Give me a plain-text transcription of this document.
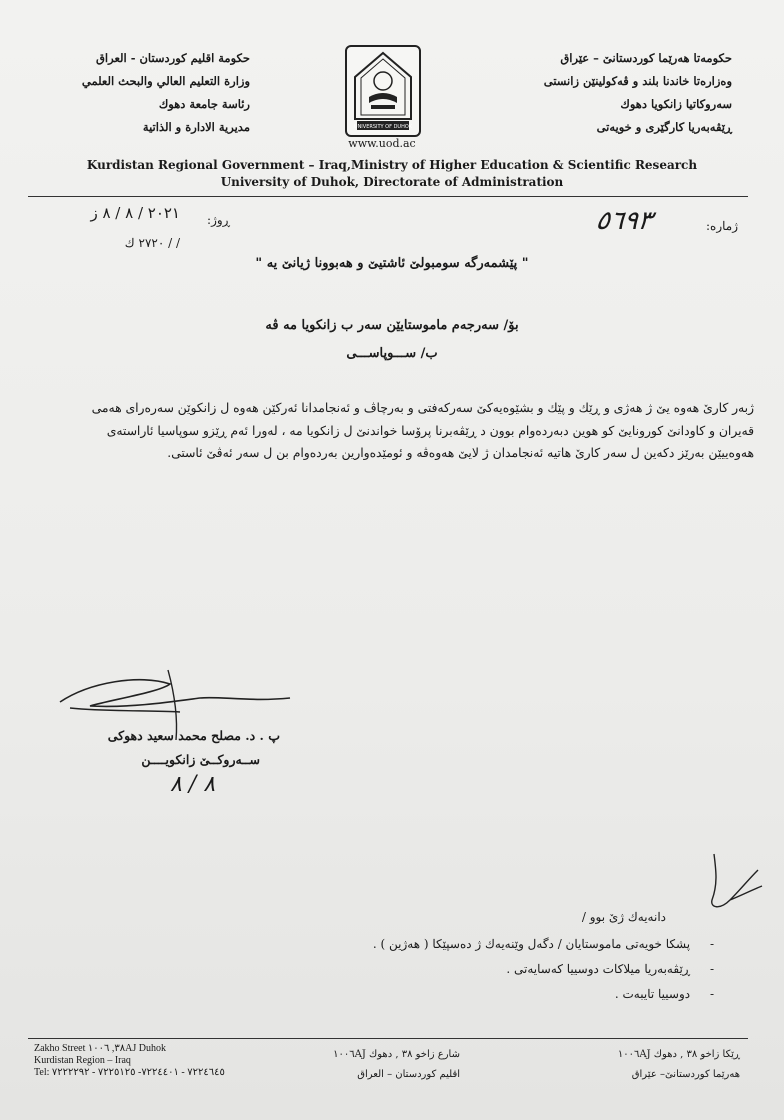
حكومەتا هەرێما كوردستانێ – عێراق
وەزارەتا خاندنا بلند و ڤەكولینێن زانستی
سەروكاتیا زانكویا دهوك
ڕێڤەبەریا كارگێری و خویەتی
حكومة اقليم كوردستان - العراق
وزارة التعليم العالي والبحث العلمي
رئاسة جامعة دهوك
مديرية الادارة و الذاتية	UNIVERSITY OF DUHOK
www.uod.ac
Kurdistan Regional Government – Iraq,Ministry of Higher Education & Scientific Research
University of Duhok, Directorate of Administration
ژمارە:
٥٦٩٣
ڕوژ:
٢٠٢١ / ٨ / ٨ ز
/ / ٢٧٢٠ ك
" پێشمەرگە سومبولێ ئاشتیێ و هەبوونا ژیانێ یە "
بۆ/ سەرجەم ماموستایێن سەر ب زانكویا مە ڤە
ب/ ســـوپاســـی
ژبەر كارێ هەوە یێ ژ هەژی و ڕێك و پێك و بشێوەیەكێ سەركەفتی و بەرچاڤ و ئەنجامدانا ئەركێن هەوە ل زانكوێن سەرەرای هەمی
قەیران و كاودانێ كورونایێ كو هوین دبەردەوام بوون د ڕێڤەبرنا پرۆسا خواندنێ ل زانكویا مە ، لەورا ئەم ڕێزو سوپاسیا ئاراستەی
هەوەییێن بەرێز دكەین ل سەر كارێ هاتیە ئەنجامدان ژ لایێ هەوەڤە و ئومێدەوارین بەردەوام بن ل سەر ئەڤێ ئاستی.
پ . د. مصلح محمد سعید دهوكی
ســەروكــێ زانكویــــن
٨ / ٨
دانەیەك ژێ بوو /
- پشكا خویەتی ماموستایان / دگەل وێنەیەك ژ دەسپێكا ( هەژین ) .
- ڕێڤەبەریا میلاكات دوسییا كەسایەتی .
- دوسییا تایبەت .
Zakho Street ٣٨, ١٠٠٦AJ Duhok
Kurdistan Region – Iraq
Tel: ٧٢٢٤٦٤٥ - ٧٢٢٤٤٠١- ٧٢٢٥١٢٥ - ٧٢٢٢٢٩٢
شارع زاخو ٣٨ , دهوك ١٠٠٦AJ
اقليم كوردستان – العراق
ڕێكا زاخو ٣٨ , دهوك ١٠٠٦AJ
هەرێما كوردستانێ– عێراق
